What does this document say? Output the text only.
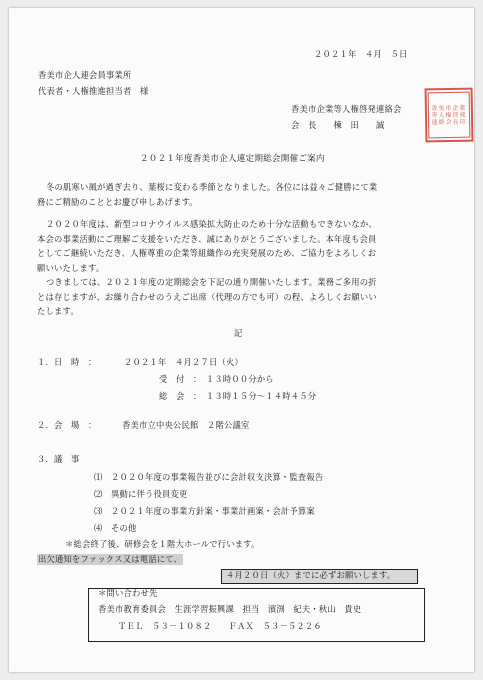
２０２１年　４月　５日
香美市企人連会員事業所
代表者・人権推進担当者　様
香美市企業等人権啓発連絡会
会　長　　棟　田　　誠
香美市企業等人権啓発連絡会長印
２０２１年度香美市企人連定期総会開催ご案内
冬の肌寒い風が過ぎ去り、葉桜に変わる季節となりました。各位には益々ご健勝にて業
務にご精励のこととお慶び申しあげます。
２０２０年度は、新型コロナウイルス感染拡大防止のため十分な活動もできないなか、
本会の事業活動にご理解ご支援をいただき、誠にありがとうございました。本年度も会員
としてご継続いただき、人権尊重の企業等組織作の充実発展のため、ご協力をよろしくお
願いいたします。
つきましては、２０２１年度の定期総会を下記の通り開催いたします。業務ご多用の折
とは存じますが、お繰り合わせのうえご出席（代理の方でも可）の程、よろしくお願いい
たします。
記
１．日　時　：	２０２１年　４月２７日（火）
受　付　：　１３時００分から
総　会　：　１３時１５分～１４時４５分
２．会　場　：	香美市立中央公民館　２階公議室
３．議　事
⑴　２０２０年度の事業報告並びに会計収支決算・監査報告
⑵　異動に伴う役員変更
⑶　２０２１年度の事業方針案・事業計画案・会計予算案
⑷　その他
＊総会終了後、研修会を１階大ホールで行います。
出欠通知をファックス又は電話にて、
４月２０日（火）までに必ずお願いします。
＊問い合わせ先
香美市教育委員会　生涯学習振興課　担当　濱渕　紀夫・秋山　貴史
ＴＥＬ　５３－１０８２　　ＦＡＸ　５３－５２２６
